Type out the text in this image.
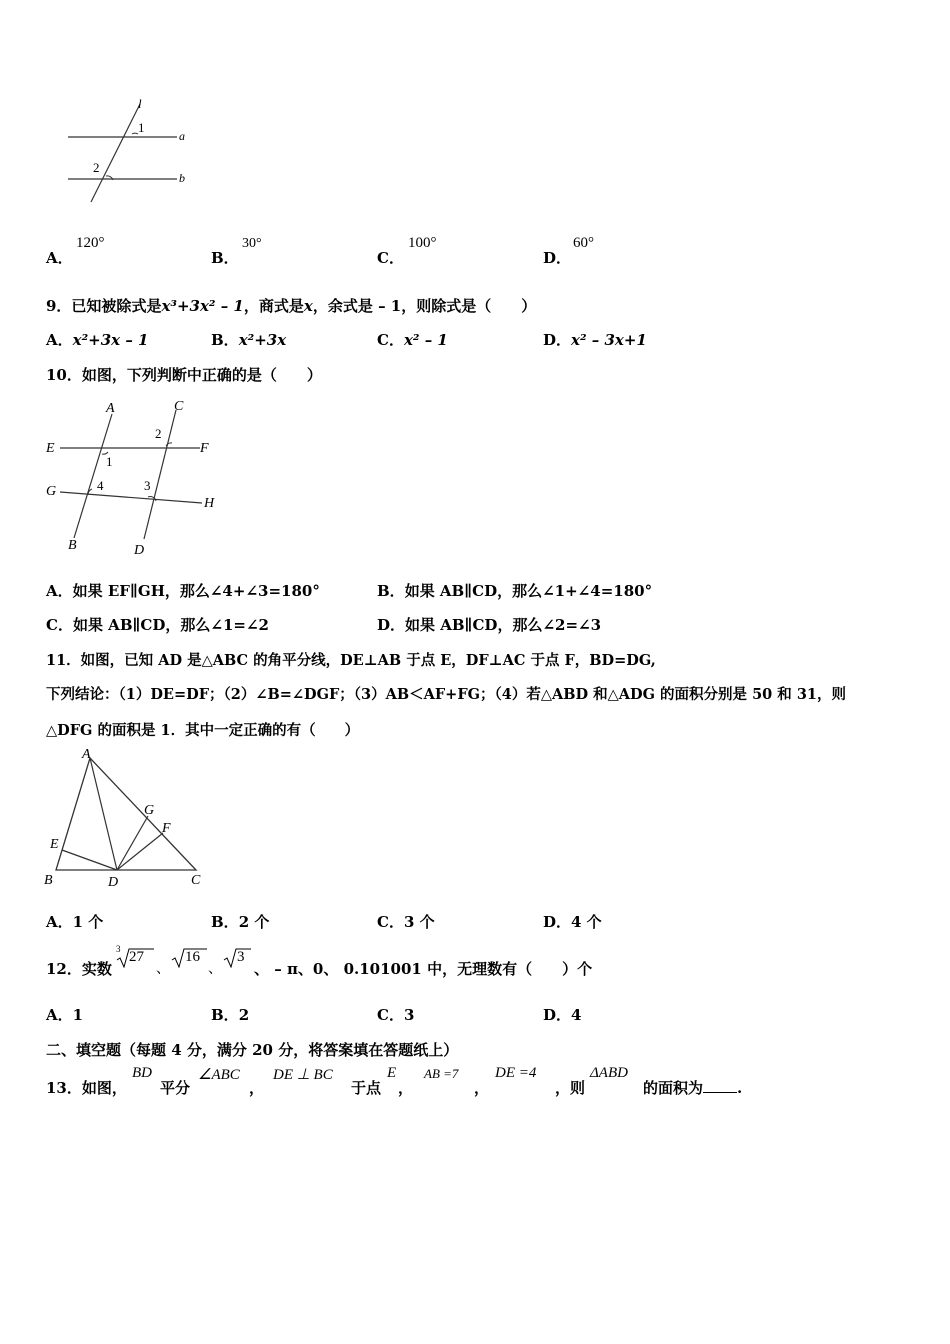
l
1
a
2
b
A．
120°
B．
30°
C．
100°
D．
60°
9．已知被除式是x³+3x² – 1，商式是x，余式是 – 1，则除式是（　　）
A．x²+3x – 1	B．x²+3x	C．x² – 1	D．x² – 3x+1
10．如图，下列判断中正确的是（　　）
A	C
E	F
2
1
G	4	3
H
B	D
A．如果 EF∥GH，那么∠4+∠3=180°	B．如果 AB∥CD，那么∠1+∠4=180°
C．如果 AB∥CD，那么∠1=∠2	D．如果 AB∥CD，那么∠2=∠3
11．如图，已知 AD 是△ABC 的角平分线，DE⊥AB 于点 E，DF⊥AC 于点 F，BD=DG,
下列结论：（1）DE=DF；（2）∠B=∠DGF；（3）AB＜AF+FG；（4）若△ABD 和△ADG 的面积分别是 50 和 31，则
△DFG 的面积是 1．其中一定正确的有（　　）
A
G
F
E
B	D	C
A．1 个	B．2 个	C．3 个	D．4 个
12．实数
3 27
、
16
、
3
、 – π、0、 0.101001 中，无理数有（　　）个
A．1	B．2	C．3	D．4
二、填空题（每题 4 分，满分 20 分，将答案填在答题纸上）
13．如图，
BD
平分
∠ABC
，
DE ⊥ BC
于点
E
，
AB =7
，
DE =4
，则
ΔABD
的面积为 .
